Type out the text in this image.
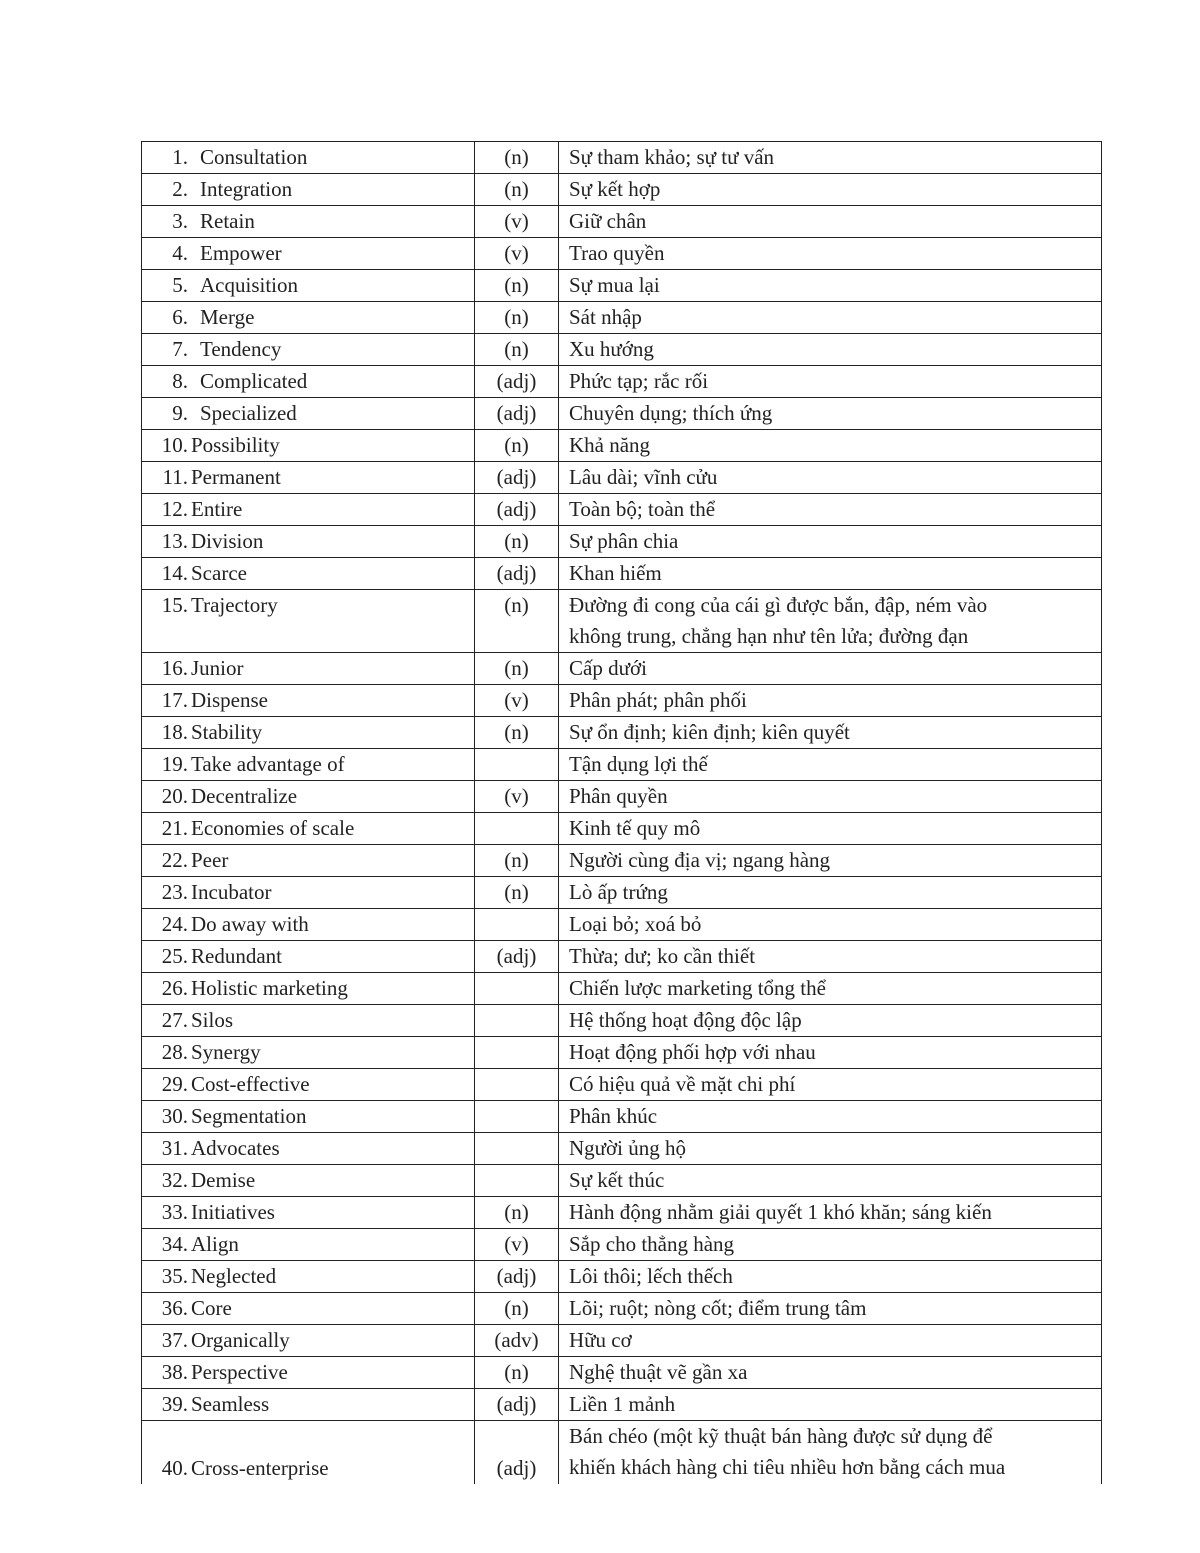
1. Consultation	(n)	Sự tham khảo; sự tư vấn

2. Integration	(n)	Sự kết hợp

3. Retain	(v)	Giữ chân

4. Empower	(v)	Trao quyền

5. Acquisition	(n)	Sự mua lại

6. Merge	(n)	Sát nhập

7. Tendency	(n)	Xu hướng

8. Complicated	(adj)	Phức tạp; rắc rối

9. Specialized	(adj)	Chuyên dụng; thích ứng

10. Possibility	(n)	Khả năng

11. Permanent	(adj)	Lâu dài; vĩnh cửu

12. Entire	(adj)	Toàn bộ; toàn thể

13. Division	(n)	Sự phân chia

14. Scarce	(adj)	Khan hiếm

15. Trajectory	(n)	Đường đi cong của cái gì được bắn, đập, ném vào
không trung, chẳng hạn như tên lửa; đường đạn

16. Junior	(n)	Cấp dưới

17. Dispense	(v)	Phân phát; phân phối

18. Stability	(n)	Sự ổn định; kiên định; kiên quyết

19. Take advantage of		Tận dụng lợi thế

20. Decentralize	(v)	Phân quyền

21. Economies of scale		Kinh tế quy mô

22. Peer	(n)	Người cùng địa vị; ngang hàng

23. Incubator	(n)	Lò ấp trứng

24. Do away with		Loại bỏ; xoá bỏ

25. Redundant	(adj)	Thừa; dư; ko cần thiết

26. Holistic marketing		Chiến lược marketing tổng thể

27. Silos		Hệ thống hoạt động độc lập

28. Synergy		Hoạt động phối hợp với nhau

29. Cost-effective		Có hiệu quả về mặt chi phí

30. Segmentation		Phân khúc

31. Advocates		Người ủng hộ

32. Demise		Sự kết thúc

33. Initiatives	(n)	Hành động nhằm giải quyết 1 khó khăn; sáng kiến

34. Align	(v)	Sắp cho thẳng hàng

35. Neglected	(adj)	Lôi thôi; lếch thếch

36. Core	(n)	Lõi; ruột; nòng cốt; điểm trung tâm

37. Organically	(adv)	Hữu cơ

38. Perspective	(n)	Nghệ thuật vẽ gần xa

39. Seamless	(adj)	Liền 1 mảnh

40. Cross-enterprise	(adj)	Bán chéo (một kỹ thuật bán hàng được sử dụng để
khiến khách hàng chi tiêu nhiều hơn bằng cách mua
